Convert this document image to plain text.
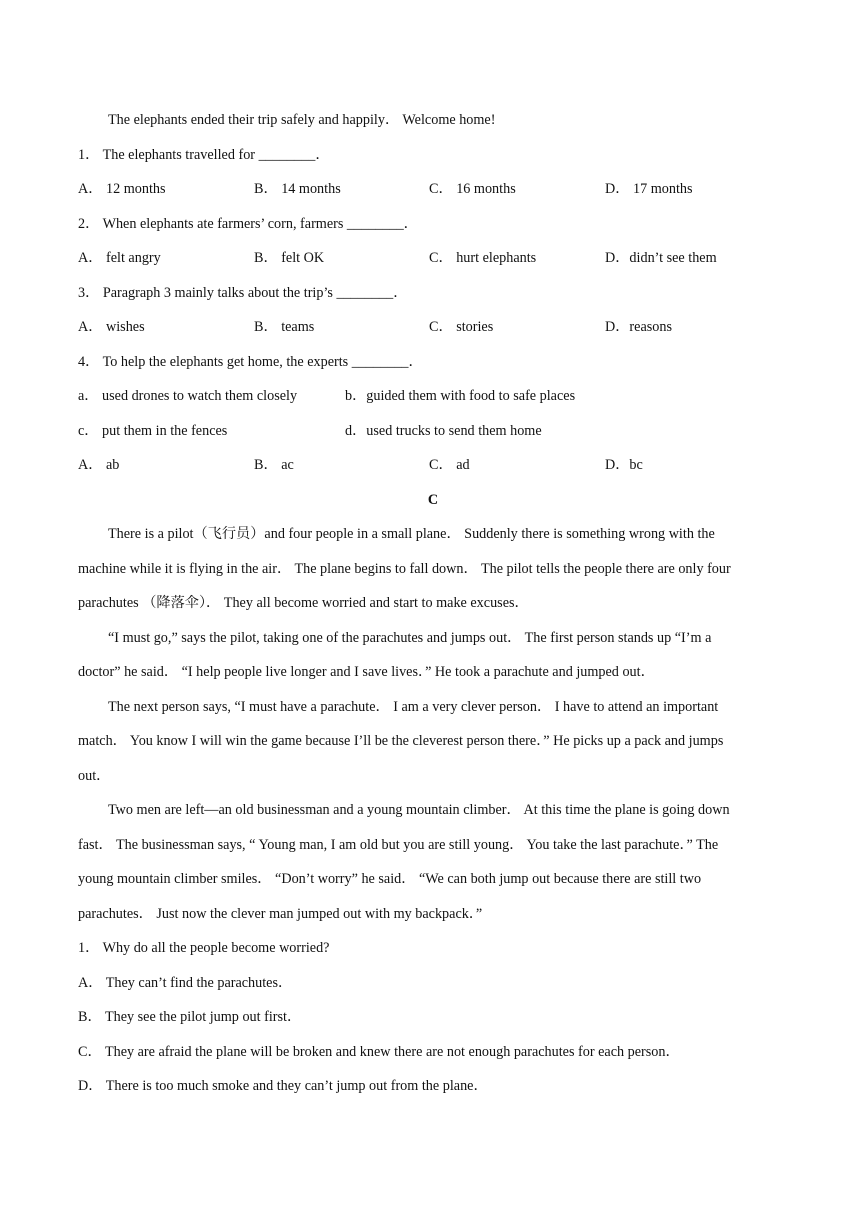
The elephants ended their trip safely and happily． Welcome home!
1． The elephants travelled for ________．
A． 12 months	B． 14 months	C． 16 months	D． 17 months
2． When elephants ate farmers’ corn, farmers ________．
A． felt angry	B． felt OK	C． hurt elephants	D．didn’t see them
3． Paragraph 3 mainly talks about the trip’s ________．
A． wishes	B． teams	C． stories	D．reasons
4． To help the elephants get home, the experts ________．
a． used drones to watch them closely	b．guided them with food to safe places
c． put them in the fences	d．used trucks to send them home
A． ab	B． ac	C． ad	D．bc
C
There is a pilot（飞行员）and four people in a small plane． Suddenly there is something wrong with the
machine while it is flying in the air． The plane begins to fall down． The pilot tells the people there are only four
parachutes （降落伞）． They all become worried and start to make excuses．
“I must go,” says the pilot, taking one of the parachutes and jumps out． The first person stands up “I’m a
doctor” he said． “I help people live longer and I save lives．” He took a parachute and jumped out．
The next person says, “I must have a parachute． I am a very clever person． I have to attend an important
match． You know I will win the game because I’ll be the cleverest person there．” He picks up a pack and jumps
out．
Two men are left—an old businessman and a young mountain climber． At this time the plane is going down
fast． The businessman says, “ Young man, I am old but you are still young． You take the last parachute．” The
young mountain climber smiles． “Don’t worry” he said． “We can both jump out because there are still two
parachutes． Just now the clever man jumped out with my backpack．”
1． Why do all the people become worried?
A． They can’t find the parachutes．
B． They see the pilot jump out first．
C． They are afraid the plane will be broken and knew there are not enough parachutes for each person．
D． There is too much smoke and they can’t jump out from the plane．
